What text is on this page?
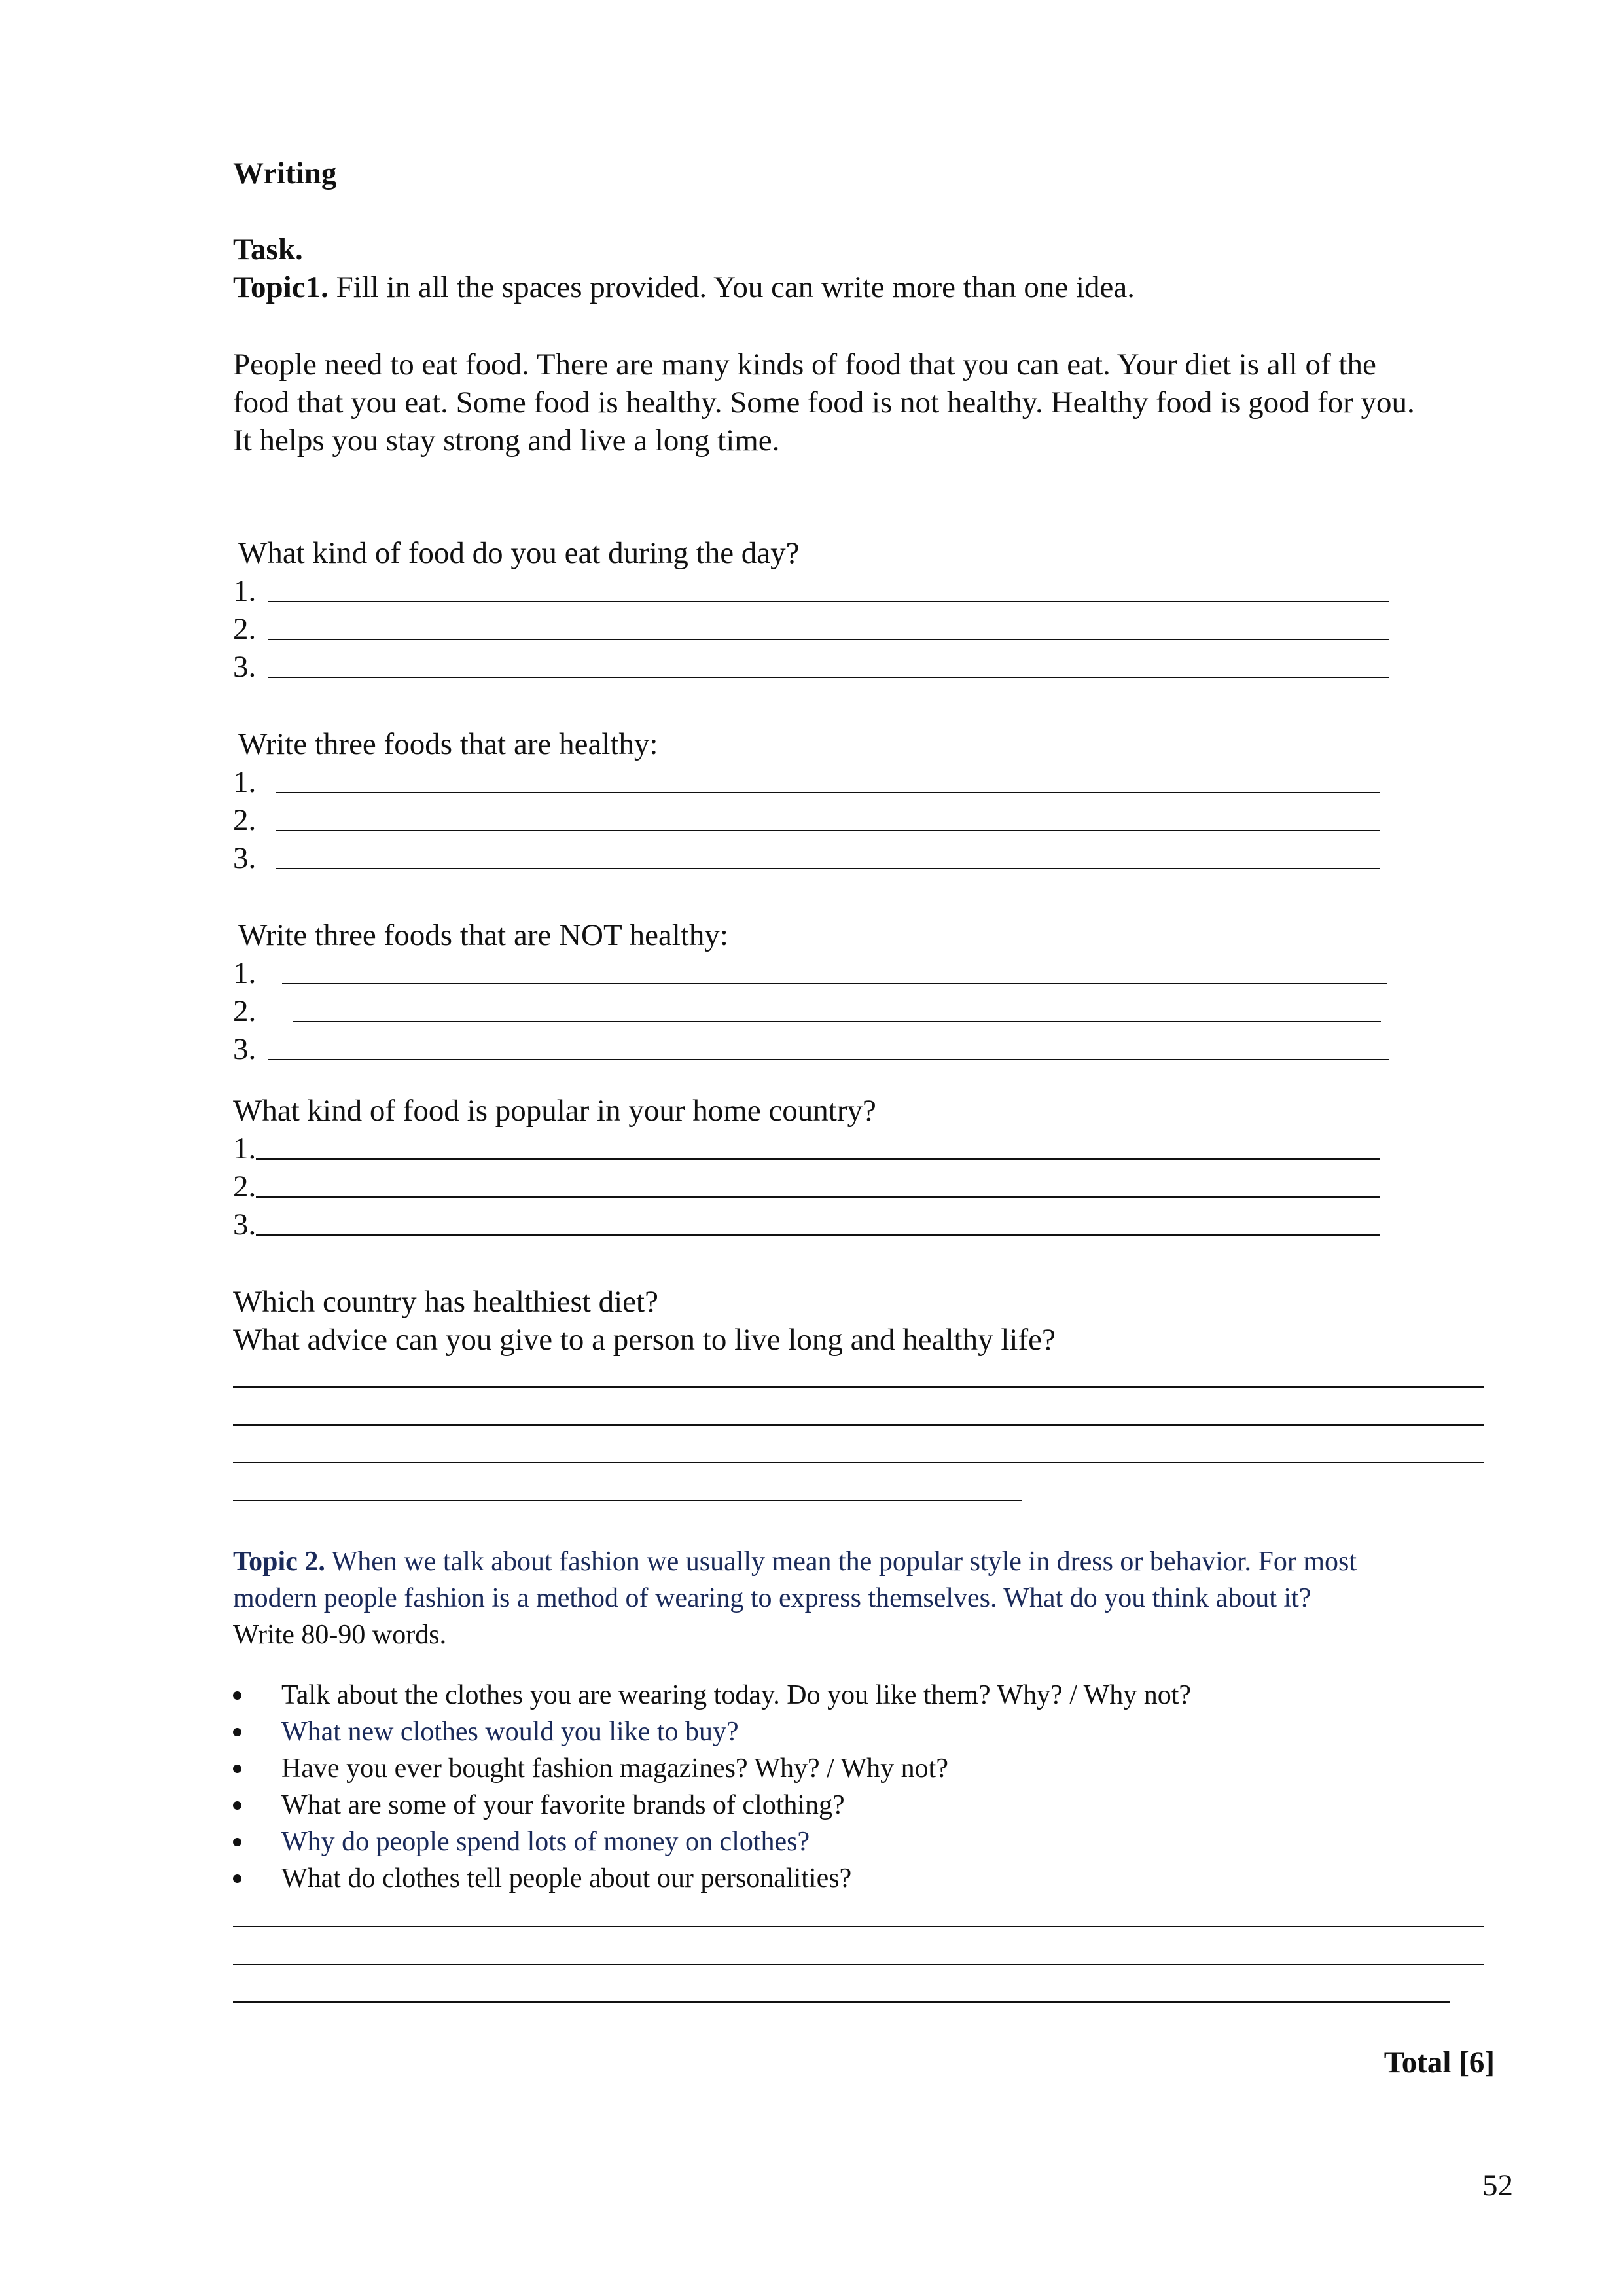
Writing
Task.
Topic1. Fill in all the spaces provided. You can write more than one idea.
People need to eat food. There are many kinds of food that you can eat. Your diet is all of the
food that you eat. Some food is healthy. Some food is not healthy. Healthy food is good for you.
It helps you stay strong and live a long time.
What kind of food do you eat during the day?
1.
2.
3.
Write three foods that are healthy:
1.
2.
3.
Write three foods that are NOT healthy:
1.
2.
3.
What kind of food is popular in your home country?
1.
2.
3.
Which country has healthiest diet?
What advice can you give to a person to live long and healthy life?
Topic 2. When we talk about fashion we usually mean the popular style in dress or behavior. For most
modern people fashion is a method of wearing to express themselves. What do you think about it?
Write 80-90 words.
Talk about the clothes you are wearing today. Do you like them? Why? / Why not?
What new clothes would you like to buy?
Have you ever bought fashion magazines? Why? / Why not?
What are some of your favorite brands of clothing?
Why do people spend lots of money on clothes?
What do clothes tell people about our personalities?
Total [6]
52
